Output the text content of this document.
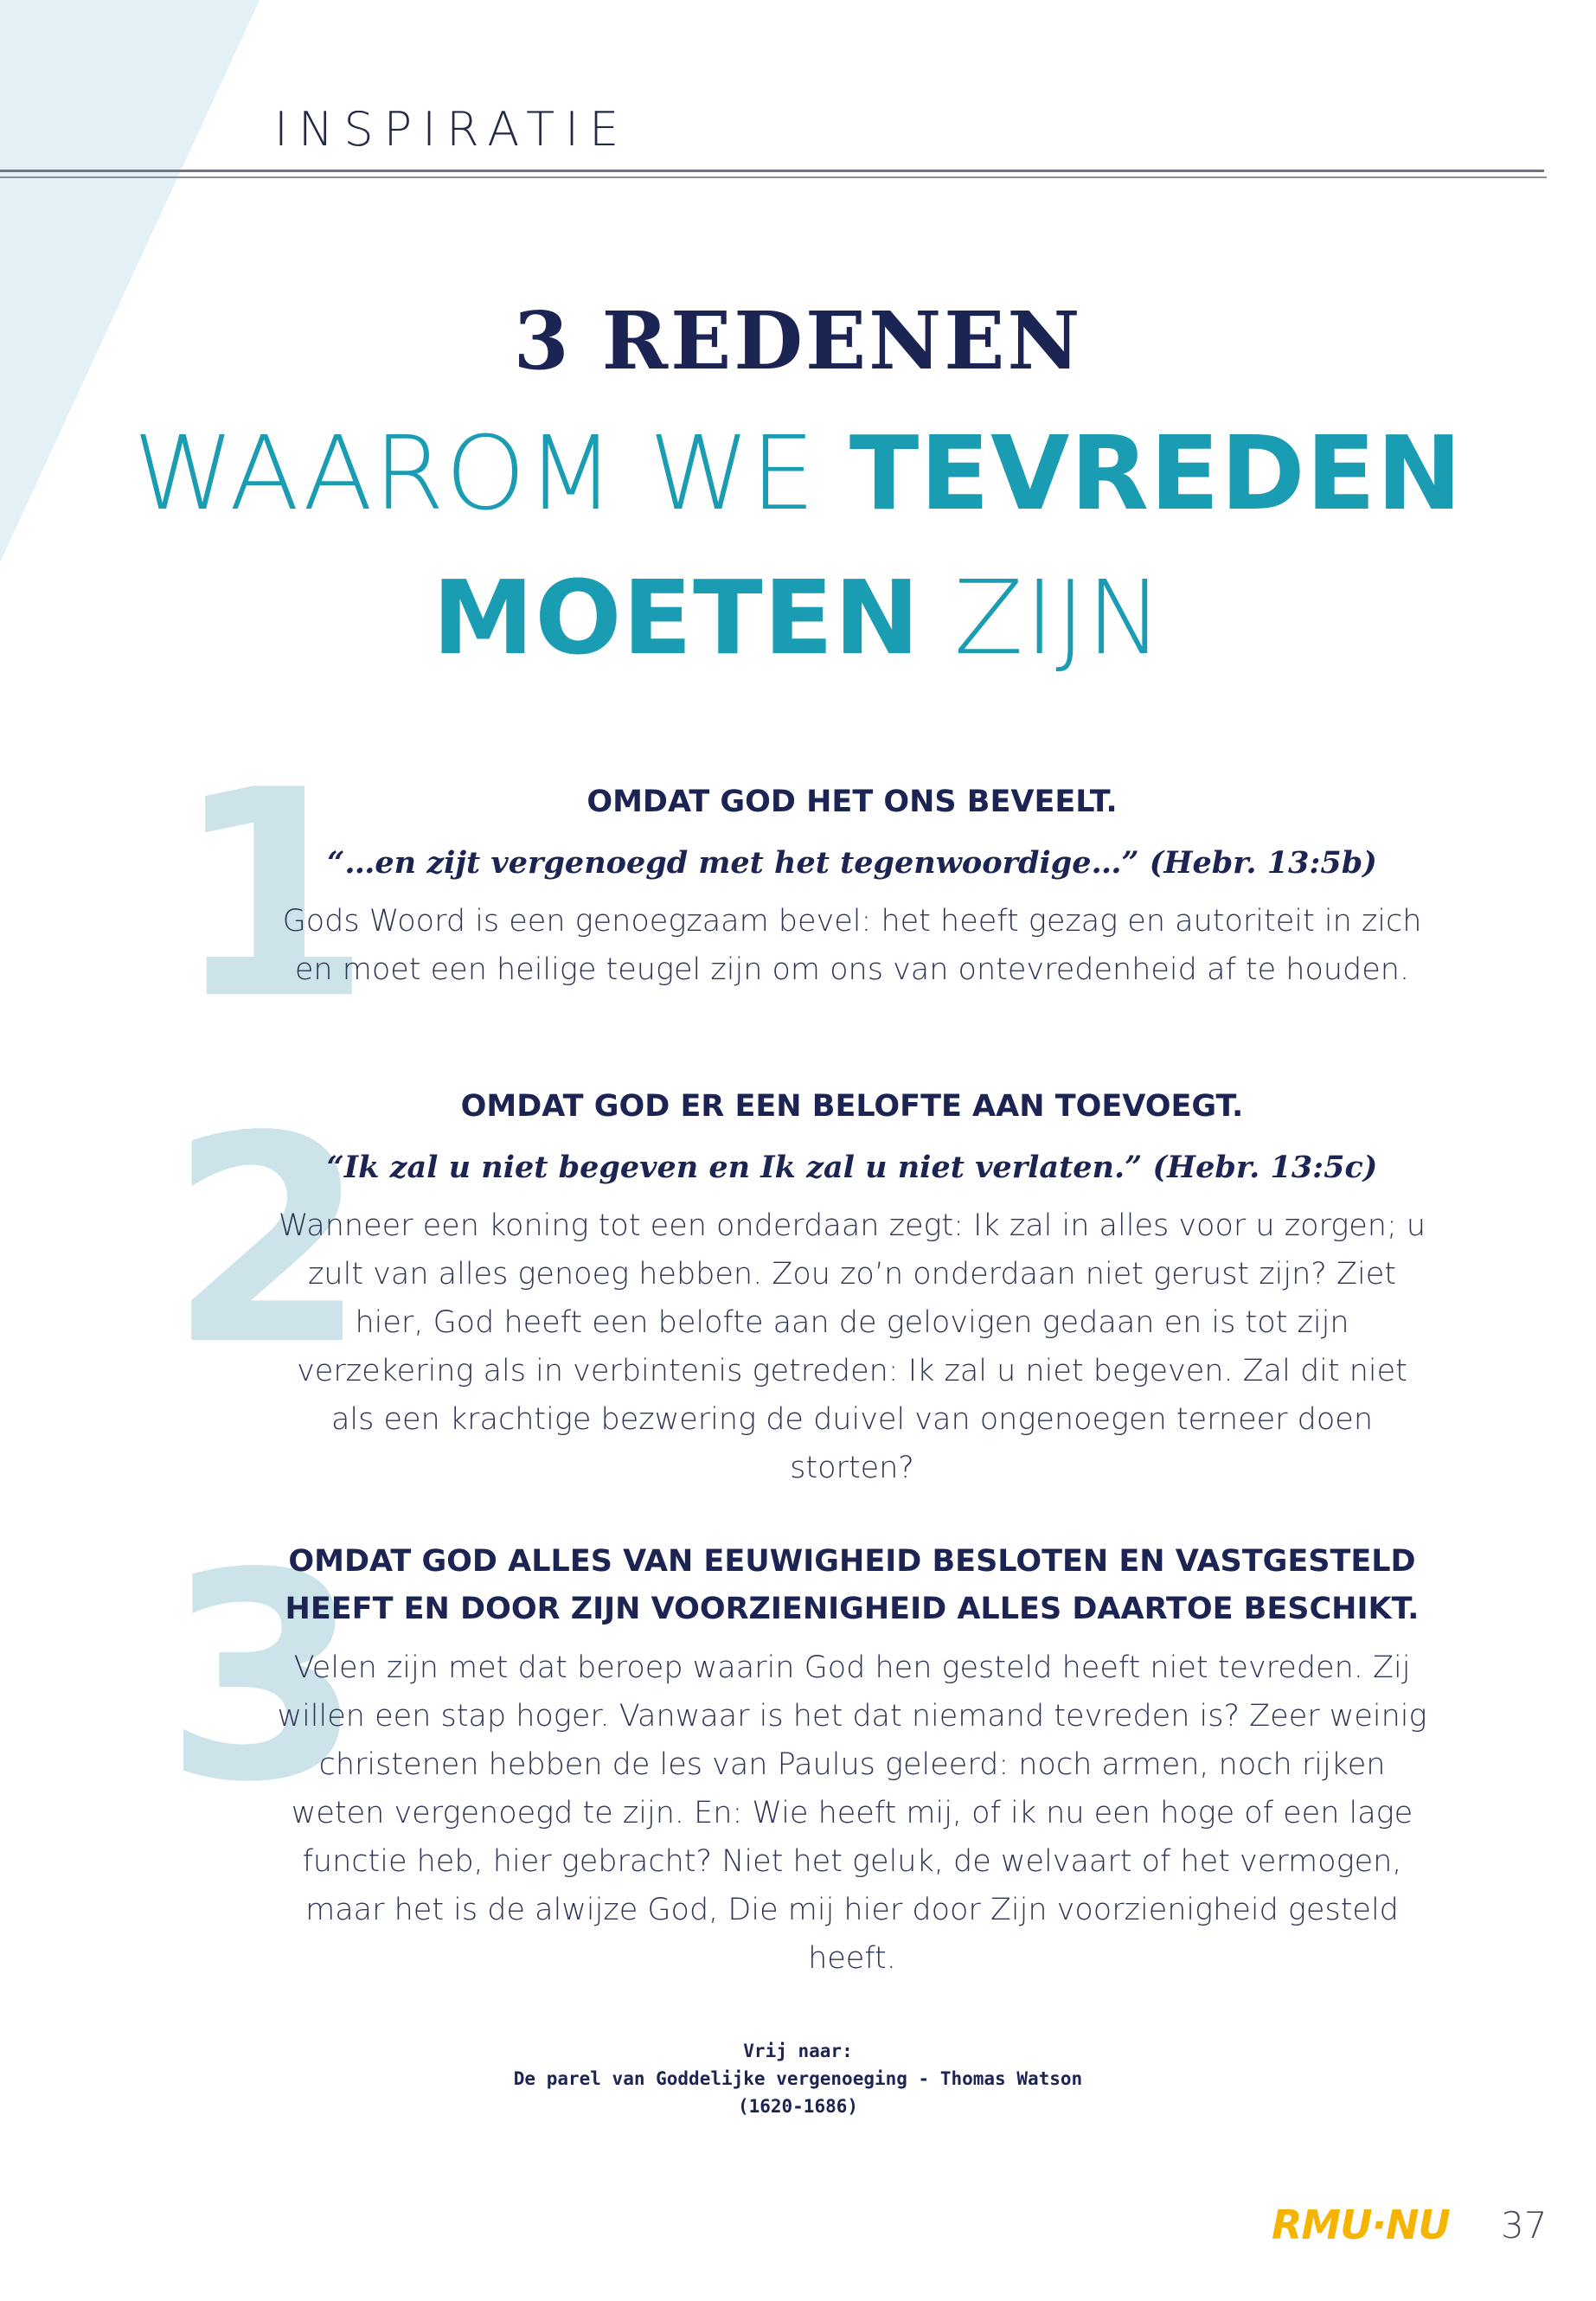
INSPIRATIE
3 REDENEN
WAAROM WE TEVREDEN
MOETEN ZIJN
1	OMDAT GOD HET ONS BEVEELT.
“…en zijt vergenoegd met het tegenwoordige…” (Hebr. 13:5b)
Gods Woord is een genoegzaam bevel: het heeft gezag en autoriteit in zich en moet een heilige teugel zijn om ons van ontevredenheid af te houden.
2	OMDAT GOD ER EEN BELOFTE AAN TOEVOEGT.
“Ik zal u niet begeven en Ik zal u niet verlaten.” (Hebr. 13:5c)
Wanneer een koning tot een onderdaan zegt: Ik zal in alles voor u zorgen; u zult van alles genoeg hebben. Zou zo’n onderdaan niet gerust zijn? Ziet hier, God heeft een belofte aan de gelovigen gedaan en is tot zijn verzekering als in verbintenis getreden: Ik zal u niet begeven. Zal dit niet als een krachtige bezwering de duivel van ongenoegen terneer doen storten?
3
OMDAT GOD ALLES VAN EEUWIGHEID BESLOTEN EN VASTGESTELD HEEFT EN DOOR ZIJN VOORZIENIGHEID ALLES DAARTOE BESCHIKT.
Velen zijn met dat beroep waarin God hen gesteld heeft niet tevreden. Zij willen een stap hoger. Vanwaar is het dat niemand tevreden is? Zeer weinig christenen hebben de les van Paulus geleerd: noch armen, noch rijken weten vergenoegd te zijn. En: Wie heeft mij, of ik nu een hoge of een lage functie heb, hier gebracht? Niet het geluk, de welvaart of het vermogen, maar het is de alwijze God, Die mij hier door Zijn voorzienigheid gesteld heeft.
Vrij naar:
De parel van Goddelijke vergenoeging - Thomas Watson
(1620-1686)
RMU·NU 37
